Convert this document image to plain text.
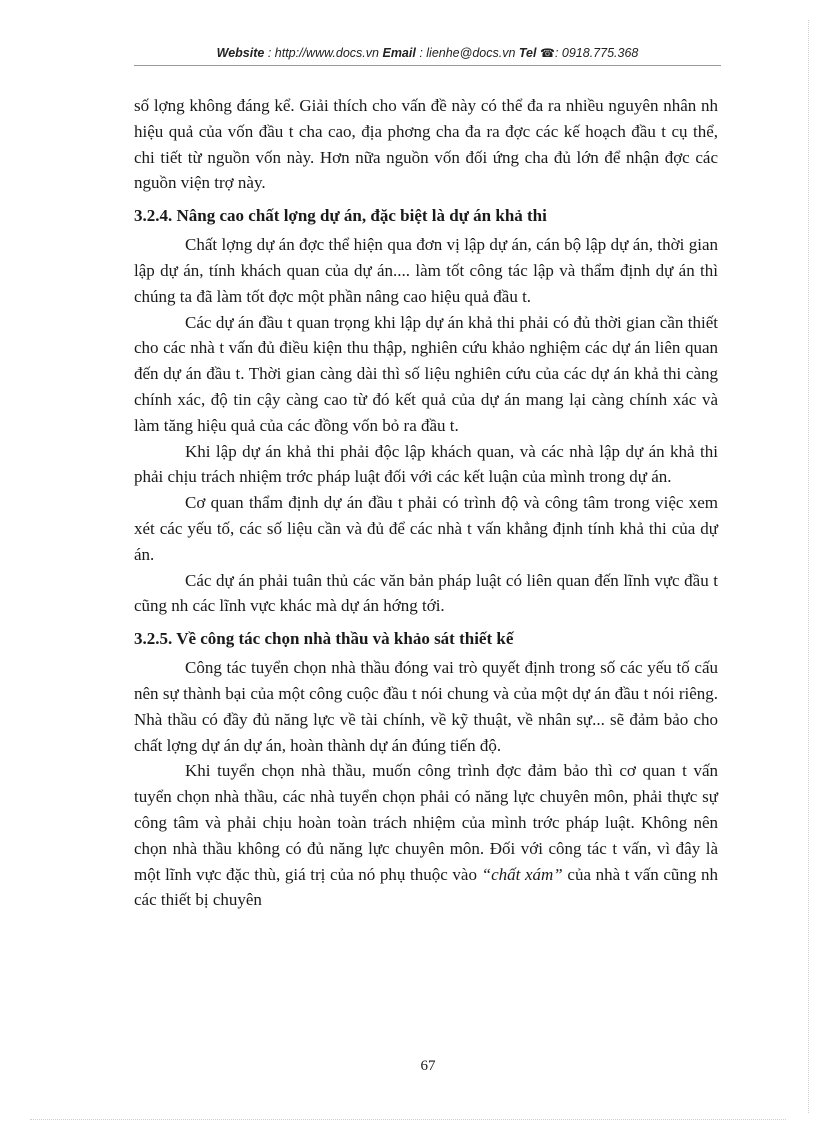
Website : http://www.docs.vn Email : lienhe@docs.vn Tel ☎: 0918.775.368

số lợng không đáng kể. Giải thích cho vấn đề này có thể đa ra nhiều nguyên nhân nh hiệu quả của vốn đầu t cha cao, địa phơng cha đa ra đợc các kế hoạch đầu t cụ thể, chi tiết từ nguồn vốn này. Hơn nữa nguồn vốn đối ứng cha đủ lớn để nhận đợc các nguồn viện trợ này.

3.2.4. Nâng cao chất lợng dự án, đặc biệt là dự án khả thi

Chất lợng dự án đợc thể hiện qua đơn vị lập dự án, cán bộ lập dự án, thời gian lập dự án, tính khách quan của dự án.... làm tốt công tác lập và thẩm định dự án thì chúng ta đã làm tốt đợc một phần nâng cao hiệu quả đầu t.

Các dự án đầu t quan trọng khi lập dự án khả thi phải có đủ thời gian cần thiết cho các nhà t vấn đủ điều kiện thu thập, nghiên cứu khảo nghiệm các dự án liên quan đến dự án đầu t. Thời gian càng dài thì số liệu nghiên cứu của các dự án khả thi càng chính xác, độ tin cậy càng cao từ đó kết quả của dự án mang lại càng chính xác và làm tăng hiệu quả của các đồng vốn bỏ ra đầu t.

Khi lập dự án khả thi phải độc lập khách quan, và các nhà lập dự án khả thi phải chịu trách nhiệm trớc pháp luật đối với các kết luận của mình trong dự án.

Cơ quan thẩm định dự án đầu t phải có trình độ và công tâm trong việc xem xét các yếu tố, các số liệu cần và đủ để các nhà t vấn khẳng định tính khả thi của dự án.

Các dự án phải tuân thủ các văn bản pháp luật có liên quan đến lĩnh vực đầu t cũng nh các lĩnh vực khác mà dự án hớng tới.

3.2.5. Về công tác chọn nhà thầu và khảo sát thiết kế

Công tác tuyển chọn nhà thầu đóng vai trò quyết định trong số các yếu tố cấu nên sự thành bại của một công cuộc đầu t nói chung và của một dự án đầu t nói riêng. Nhà thầu có đầy đủ năng lực về tài chính, về kỹ thuật, về nhân sự... sẽ đảm bảo cho chất lợng dự án dự án, hoàn thành dự án đúng tiến độ.

Khi tuyển chọn nhà thầu, muốn công trình đợc đảm bảo thì cơ quan t vấn tuyển chọn nhà thầu, các nhà tuyển chọn phải có năng lực chuyên môn, phải thực sự công tâm và phải chịu hoàn toàn trách nhiệm của mình trớc pháp luật. Không nên chọn nhà thầu không có đủ năng lực chuyên môn. Đối với công tác t vấn, vì đây là một lĩnh vực đặc thù, giá trị của nó phụ thuộc vào “chất xám” của nhà t vấn cũng nh các thiết bị chuyên

67
